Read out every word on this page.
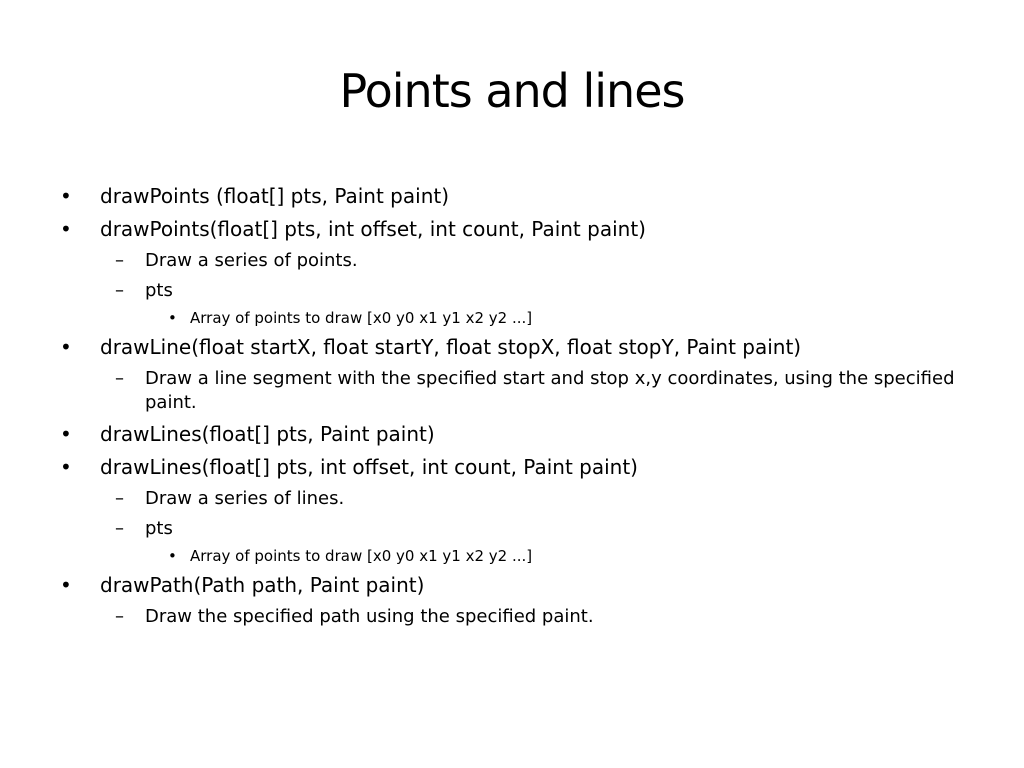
Points and lines
• drawPoints (float[] pts, Paint paint)
• drawPoints(float[] pts, int offset, int count, Paint paint)
– Draw a series of points.
– pts
• Array of points to draw [x0 y0 x1 y1 x2 y2 ...]
• drawLine(float startX, float startY, float stopX, float stopY, Paint paint)
– Draw a line segment with the specified start and stop x,y coordinates, using the specified paint.
• drawLines(float[] pts, Paint paint)
• drawLines(float[] pts, int offset, int count, Paint paint)
– Draw a series of lines.
– pts
• Array of points to draw [x0 y0 x1 y1 x2 y2 ...]
• drawPath(Path path, Paint paint)
– Draw the specified path using the specified paint.
